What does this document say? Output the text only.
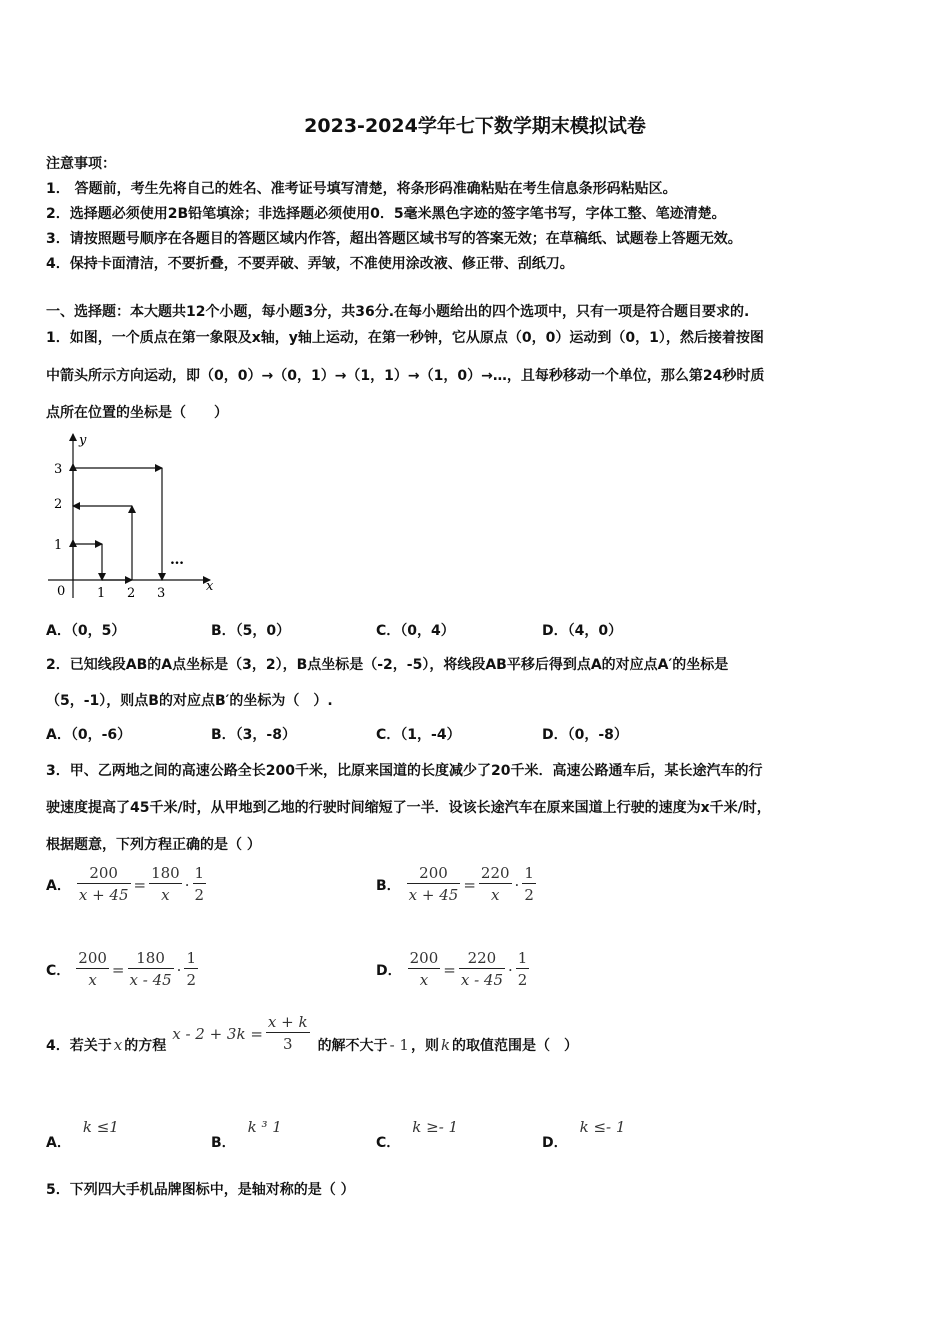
2023-2024学年七下数学期末模拟试卷
注意事项：
1． 答题前，考生先将自己的姓名、准考证号填写清楚，将条形码准确粘贴在考生信息条形码粘贴区。
2．选择题必须使用2B铅笔填涂；非选择题必须使用0．5毫米黑色字迹的签字笔书写，字体工整、笔迹清楚。
3．请按照题号顺序在各题目的答题区域内作答，超出答题区域书写的答案无效；在草稿纸、试题卷上答题无效。
4．保持卡面清洁，不要折叠，不要弄破、弄皱，不准使用涂改液、修正带、刮纸刀。
一、选择题：本大题共12个小题，每小题3分，共36分.在每小题给出的四个选项中，只有一项是符合题目要求的.
1．如图，一个质点在第一象限及x轴，y轴上运动，在第一秒钟，它从原点（0，0）运动到（0，1），然后接着按图
中箭头所示方向运动，即（0，0）→（0，1）→（1，1）→（1，0）→…，且每秒移动一个单位，那么第24秒时质
点所在位置的坐标是（　　）
y
x
3
2
1
0 1 2 3
…
A．（0，5）	B．（5，0）	C．（0，4）	D．（4，0）
2．已知线段AB的A点坐标是（3，2），B点坐标是（-2，-5），将线段AB平移后得到点A的对应点A′的坐标是
（5，-1），则点B的对应点B′的坐标为（　）.
A．（0，-6）	B．（3，-8）	C．（1，-4）	D．（0，-8）
3．甲、乙两地之间的高速公路全长200千米，比原来国道的长度减少了20千米．高速公路通车后，某长途汽车的行
驶速度提高了45千米/时，从甲地到乙地的行驶时间缩短了一半．设该长途汽车在原来国道上行驶的速度为x千米/时，
根据题意，下列方程正确的是（ ）
A． $\frac{200}{x + 45} = \frac{180}{x} \cdot \frac{1}{2}$	B． $\frac{200}{x + 45} = \frac{220}{x} \cdot \frac{1}{2}$
C． $\frac{200}{x} = \frac{180}{x - 45} \cdot \frac{1}{2}$	D． $\frac{200}{x} = \frac{220}{x - 45} \cdot \frac{1}{2}$
4．若关于 x 的方程
$x - 2 + 3k = \frac{x + k}{3}$ 的解不大于 - 1 ，则 k 的取值范围是（　）
A．
k ≤1
B．
k ³ 1
C．
k ≥- 1
D．
k ≤- 1
5．下列四大手机品牌图标中，是轴对称的是（ ）
